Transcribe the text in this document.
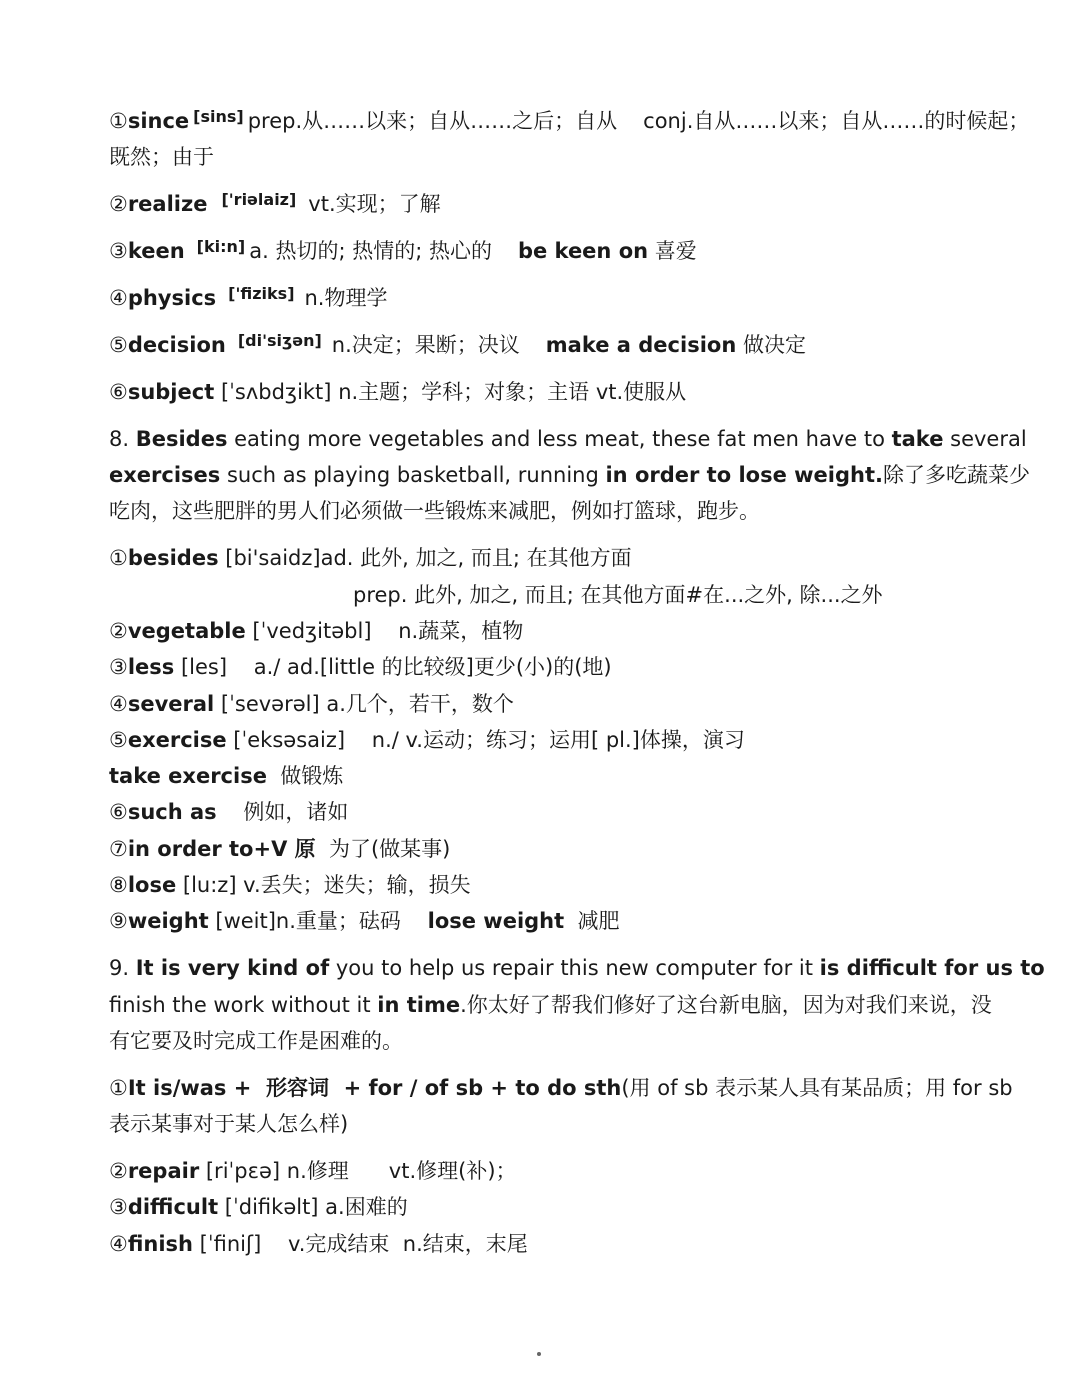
①since [sins] prep.从……以来；自从……之后；自从 conj.自从……以来；自从……的时候起；
既然；由于
②realize ['riəlaiz] vt.实现；了解
③keen [ki:n] a. 热切的; 热情的; 热心的 be keen on 喜爱
④physics ['fiziks] n.物理学
⑤decision [di'siʒən] n.决定；果断；决议 make a decision 做决定
⑥subject [ˈsʌbdʒikt] n.主题；学科；对象；主语 vt.使服从
8. Besides eating more vegetables and less meat, these fat men have to take several
exercises such as playing basketball, running in order to lose weight.除了多吃蔬菜少
吃肉，这些肥胖的男人们必须做一些锻炼来减肥，例如打篮球，跑步。
①besides [bi'saidz]ad. 此外, 加之, 而且; 在其他方面
prep. 此外, 加之, 而且; 在其他方面#在...之外, 除...之外
②vegetable [ˈvedʒitəbl]    n.蔬菜，植物
③less [les]    a./ ad.[little 的比较级]更少(小)的(地)
④several [ˈsevərəl] a.几个，若干，数个
⑤exercise [ˈeksəsaiz]    n./ v.运动；练习；运用[ pl.]体操，演习
take exercise  做锻炼
⑥such as    例如，诸如
⑦in order to+V 原  为了(做某事)
⑧lose [lu:z] v.丢失；迷失；输，损失
⑨weight [weit]n.重量；砝码    lose weight  减肥
9. It is very kind of you to help us repair this new computer for it is difficult for us to
finish the work without it in time.你太好了帮我们修好了这台新电脑，因为对我们来说，没
有它要及时完成工作是困难的。
①It is/was +  形容词  + for / of sb + to do sth(用 of sb 表示某人具有某品质；用 for sb
表示某事对于某人怎么样)
②repair [riˈpɛə] n.修理      vt.修理(补)；
③difficult [ˈdifikəlt] a.困难的
④finish [ˈfiniʃ]    v.完成结束  n.结束，末尾
